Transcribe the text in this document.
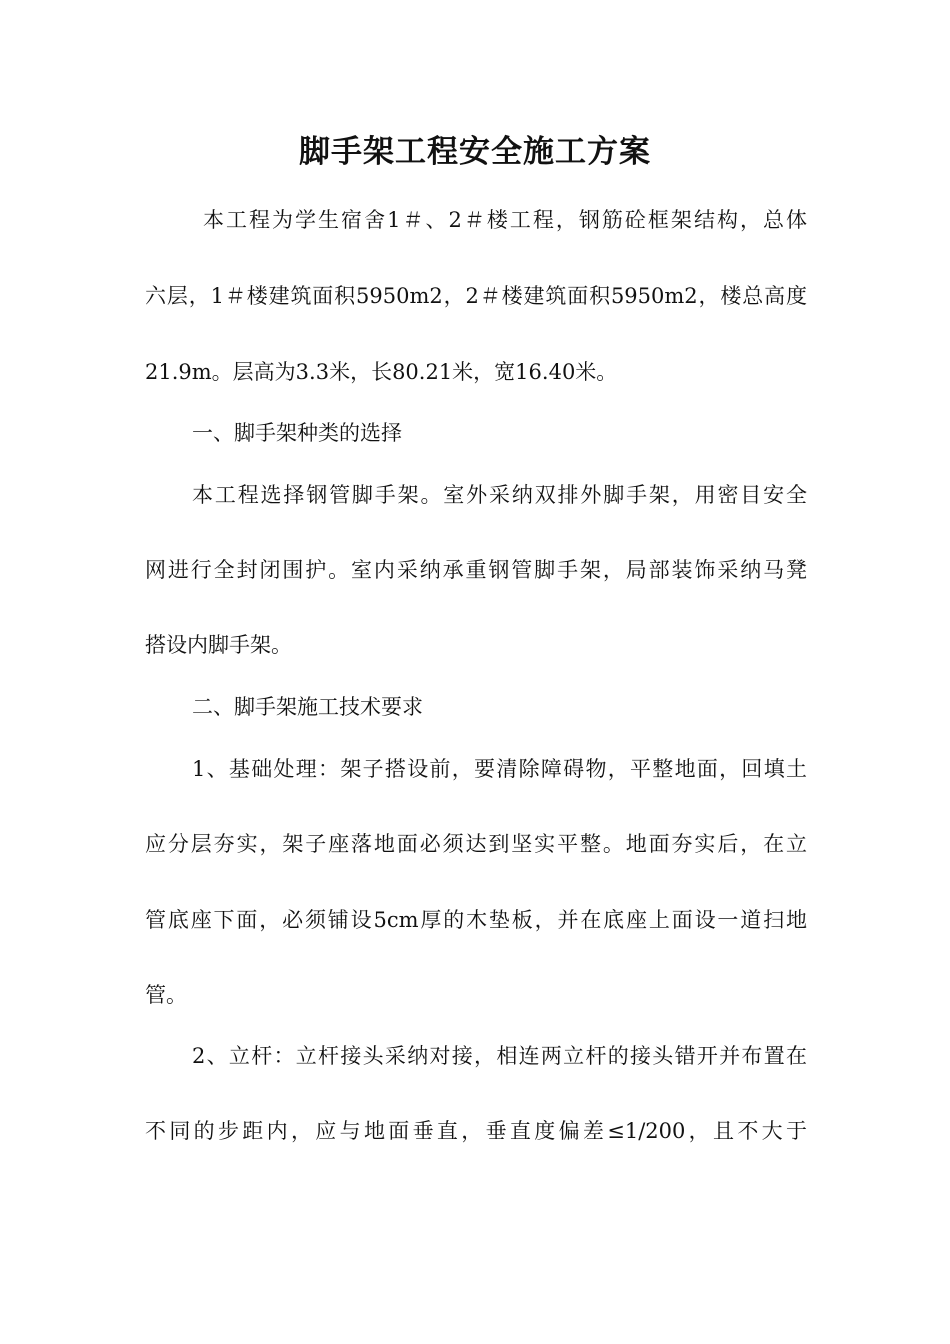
脚手架工程安全施工方案

本工程为学生宿舍1＃、2＃楼工程，钢筋砼框架结构，总体

六层，1＃楼建筑面积5950m2，2＃楼建筑面积5950m2，楼总高度

21.9m。层高为3.3米，长80.21米，宽16.40米。

一、脚手架种类的选择

本工程选择钢管脚手架。室外采纳双排外脚手架，用密目安全

网进行全封闭围护。室内采纳承重钢管脚手架，局部装饰采纳马凳

搭设内脚手架。

二、脚手架施工技术要求

1、基础处理：架子搭设前，要清除障碍物，平整地面，回填土

应分层夯实，架子座落地面必须达到坚实平整。地面夯实后，在立

管底座下面，必须铺设5cm厚的木垫板，并在底座上面设一道扫地

管。

2、立杆：立杆接头采纳对接，相连两立杆的接头错开并布置在

不同的步距内，应与地面垂直，垂直度偏差≤1/200，且不大于
